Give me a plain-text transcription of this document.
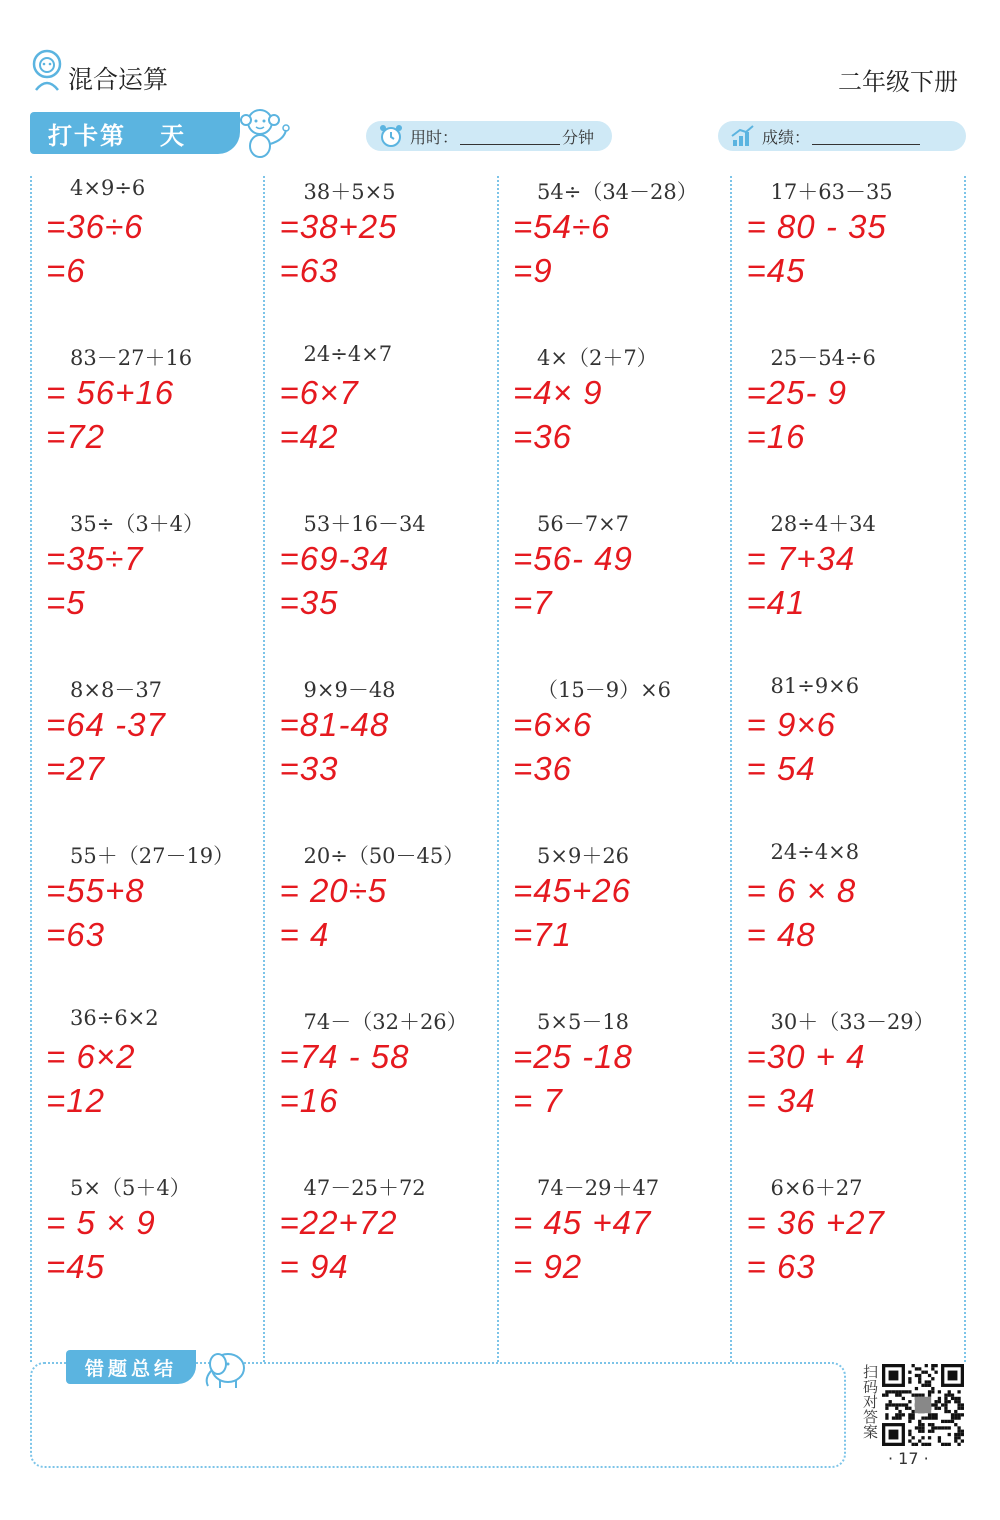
混合运算	二年级下册
打卡第 天	用时：	分钟	成绩：
4×9÷6
=36÷6
=6
38＋5×5
=38+25
=63
54÷（34－28）
=54÷6
=9
17＋63－35
= 80 - 35
=45
83－27＋16
= 56+16
=72
24÷4×7
=6×7
=42
4×（2＋7）
=4× 9
=36
25－54÷6
=25- 9
=16
35÷（3＋4）
=35÷7
=5
53＋16－34
=69-34
=35
56－7×7
=56- 49
=7
28÷4＋34
= 7+34
=41
8×8－37
=64 -37
=27
9×9－48
=81-48
=33
（15－9）×6
=6×6
=36
81÷9×6
= 9×6
= 54
55＋（27－19）
=55+8
=63
20÷（50－45）
= 20÷5
= 4
5×9＋26
=45+26
=71
24÷4×8
= 6 × 8
= 48
36÷6×2
= 6×2
=12
74－（32＋26）
=74 - 58
=16
5×5－18
=25 -18
= 7
30＋（33－29）
=30 + 4
= 34
5×（5＋4）
= 5 × 9
=45
47－25＋72
=22+72
= 94
74－29＋47
= 45 +47
= 92
6×6＋27
= 36 +27
= 63
错题总结	扫码对答案
· 17 ·
